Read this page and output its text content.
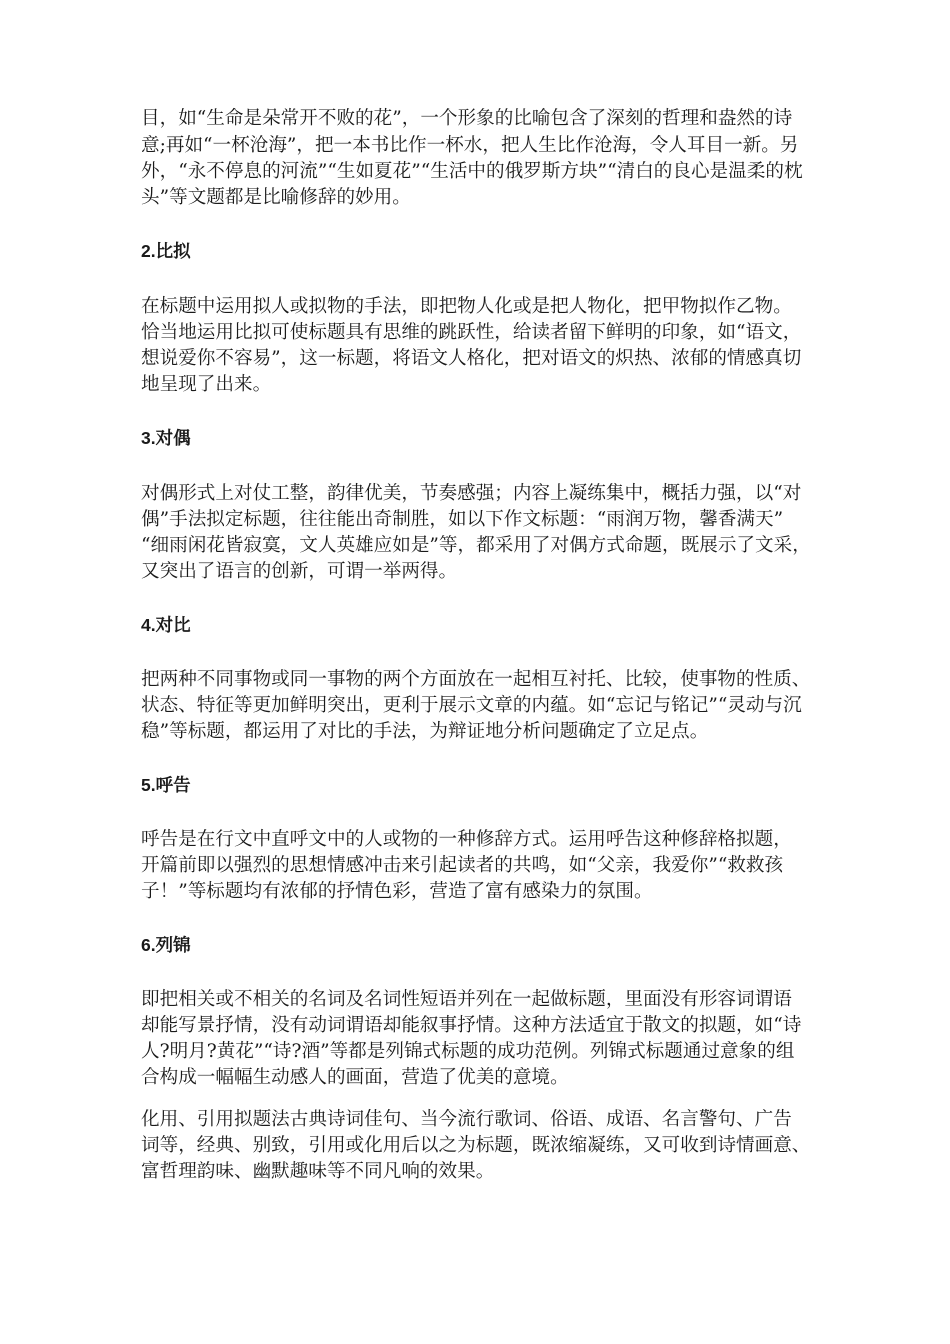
目，如“生命是朵常开不败的花”，一个形象的比喻包含了深刻的哲理和盎然的诗

意;再如“一杯沧海”，把一本书比作一杯水，把人生比作沧海，令人耳目一新。另

外，“永不停息的河流”“生如夏花”“生活中的俄罗斯方块”“清白的良心是温柔的枕

头”等文题都是比喻修辞的妙用。

2.比拟

在标题中运用拟人或拟物的手法，即把物人化或是把人物化，把甲物拟作乙物。

恰当地运用比拟可使标题具有思维的跳跃性，给读者留下鲜明的印象，如“语文，

想说爱你不容易”，这一标题，将语文人格化，把对语文的炽热、浓郁的情感真切

地呈现了出来。

3.对偶

对偶形式上对仗工整，韵律优美，节奏感强；内容上凝练集中，概括力强，以“对

偶”手法拟定标题，往往能出奇制胜，如以下作文标题：“雨润万物，馨香满天”

“细雨闲花皆寂寞，文人英雄应如是”等，都采用了对偶方式命题，既展示了文采，

又突出了语言的创新，可谓一举两得。

4.对比

把两种不同事物或同一事物的两个方面放在一起相互衬托、比较，使事物的性质、

状态、特征等更加鲜明突出，更利于展示文章的内蕴。如“忘记与铭记”“灵动与沉

稳”等标题，都运用了对比的手法，为辩证地分析问题确定了立足点。

5.呼告

呼告是在行文中直呼文中的人或物的一种修辞方式。运用呼告这种修辞格拟题，

开篇前即以强烈的思想情感冲击来引起读者的共鸣，如“父亲，我爱你”“救救孩

子！”等标题均有浓郁的抒情色彩，营造了富有感染力的氛围。

6.列锦

即把相关或不相关的名词及名词性短语并列在一起做标题，里面没有形容词谓语

却能写景抒情，没有动词谓语却能叙事抒情。这种方法适宜于散文的拟题，如“诗

人?明月?黄花”“诗?酒”等都是列锦式标题的成功范例。列锦式标题通过意象的组

合构成一幅幅生动感人的画面，营造了优美的意境。

化用、引用拟题法古典诗词佳句、当今流行歌词、俗语、成语、名言警句、广告

词等，经典、别致，引用或化用后以之为标题，既浓缩凝练，又可收到诗情画意、

富哲理韵味、幽默趣味等不同凡响的效果。
